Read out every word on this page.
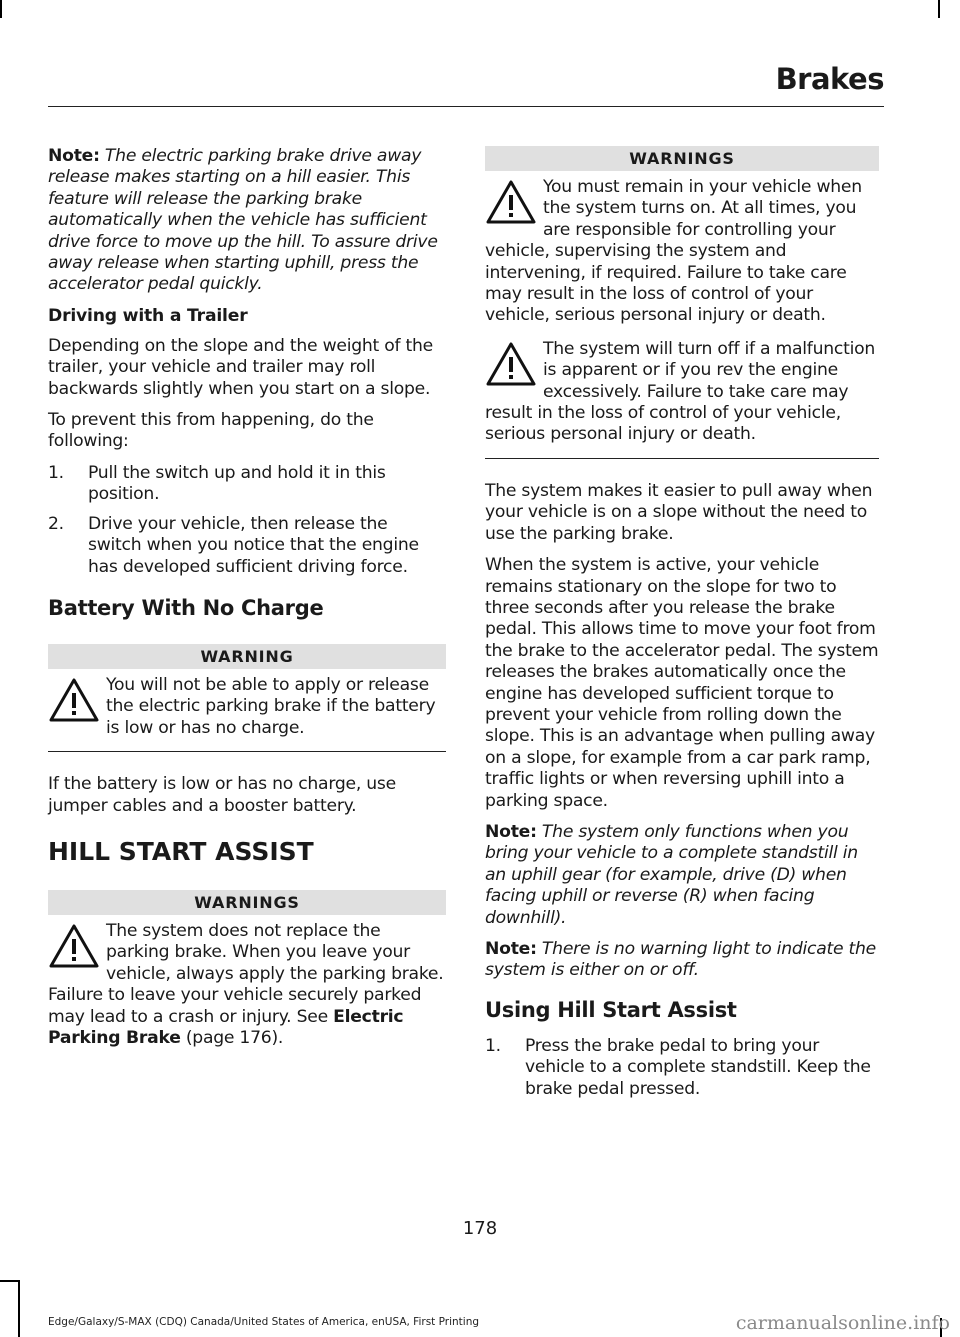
Brakes

Note: The electric parking brake drive away release makes starting on a hill easier. This feature will release the parking brake automatically when the vehicle has sufficient drive force to move up the hill. To assure drive away release when starting uphill, press the accelerator pedal quickly.

Driving with a Trailer

Depending on the slope and the weight of the trailer, your vehicle and trailer may roll backwards slightly when you start on a slope.

To prevent this from happening, do the following:

1.	Pull the switch up and hold it in this position.
2.	Drive your vehicle, then release the switch when you notice that the engine has developed sufficient driving force.
Battery With No Charge
WARNING
You will not be able to apply or release the electric parking brake if the battery is low or has no charge.

If the battery is low or has no charge, use jumper cables and a booster battery.

HILL START ASSIST
WARNINGS
The system does not replace the parking brake. When you leave your vehicle, always apply the parking brake. Failure to leave your vehicle securely parked may lead to a crash or injury. See Electric Parking Brake (page 176).
WARNINGS
You must remain in your vehicle when the system turns on. At all times, you are responsible for controlling your vehicle, supervising the system and intervening, if required. Failure to take care may result in the loss of control of your vehicle, serious personal injury or death.
The system will turn off if a malfunction is apparent or if you rev the engine excessively. Failure to take care may result in the loss of control of your vehicle, serious personal injury or death.

The system makes it easier to pull away when your vehicle is on a slope without the need to use the parking brake.

When the system is active, your vehicle remains stationary on the slope for two to three seconds after you release the brake pedal. This allows time to move your foot from the brake to the accelerator pedal. The system releases the brakes automatically once the engine has developed sufficient torque to prevent your vehicle from rolling down the slope. This is an advantage when pulling away on a slope, for example from a car park ramp, traffic lights or when reversing uphill into a parking space.

Note: The system only functions when you bring your vehicle to a complete standstill in an uphill gear (for example, drive (D) when facing uphill or reverse (R) when facing downhill).

Note: There is no warning light to indicate the system is either on or off.

Using Hill Start Assist
1.	Press the brake pedal to bring your vehicle to a complete standstill. Keep the brake pedal pressed.
178
Edge/Galaxy/S-MAX (CDQ) Canada/United States of America, enUSA, First Printing	carmanualsonline.info
